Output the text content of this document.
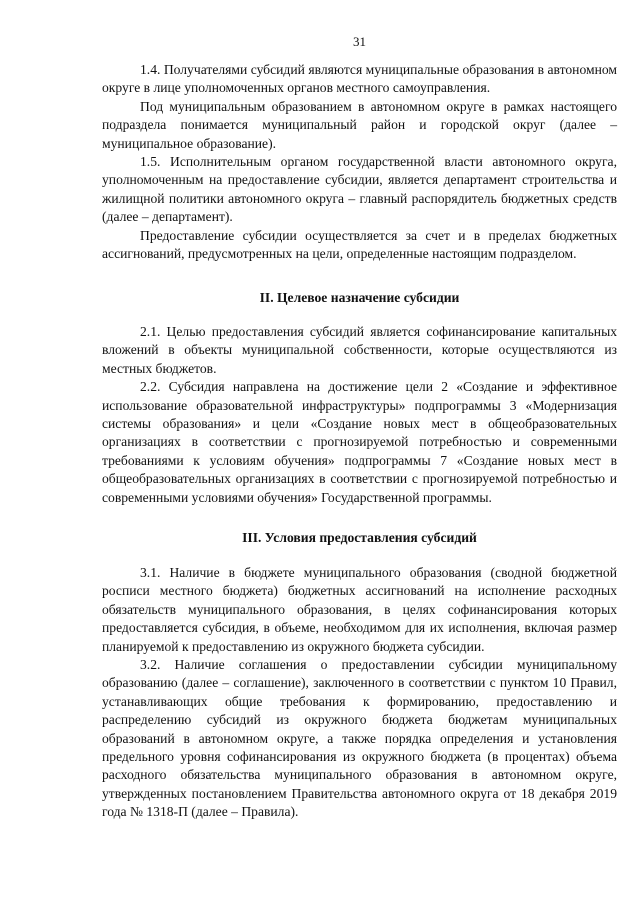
31

1.4. Получателями субсидий являются муниципальные образования в автономном округе в лице уполномоченных органов местного самоуправления.

Под муниципальным образованием в автономном округе в рамках настоящего подраздела понимается муниципальный район и городской округ (далее – муниципальное образование).

1.5. Исполнительным органом государственной власти автономного округа, уполномоченным на предоставление субсидии, является департамент строительства и жилищной политики автономного округа – главный распорядитель бюджетных средств (далее – департамент).

Предоставление субсидии осуществляется за счет и в пределах бюджетных ассигнований, предусмотренных на цели, определенные настоящим подразделом.

II. Целевое назначение субсидии

2.1. Целью предоставления субсидий является софинансирование капитальных вложений в объекты муниципальной собственности, которые осуществляются из местных бюджетов.

2.2. Субсидия направлена на достижение цели 2 «Создание и эффективное использование образовательной инфраструктуры» подпрограммы 3 «Модернизация системы образования» и цели «Создание новых мест в общеобразовательных организациях в соответствии с прогнозируемой потребностью и современными требованиями к условиям обучения» подпрограммы 7 «Создание новых мест в общеобразовательных организациях в соответствии с прогнозируемой потребностью и современными условиями обучения» Государственной программы.

III. Условия предоставления субсидий

3.1. Наличие в бюджете муниципального образования (сводной бюджетной росписи местного бюджета) бюджетных ассигнований на исполнение расходных обязательств муниципального образования, в целях софинансирования которых предоставляется субсидия, в объеме, необходимом для их исполнения, включая размер планируемой к предоставлению из окружного бюджета субсидии.

3.2. Наличие соглашения о предоставлении субсидии муниципальному образованию (далее – соглашение), заключенного в соответствии с пунктом 10 Правил, устанавливающих общие требования к формированию, предоставлению и распределению субсидий из окружного бюджета бюджетам муниципальных образований в автономном округе, а также порядка определения и установления предельного уровня софинансирования из окружного бюджета (в процентах) объема расходного обязательства муниципального образования в автономном округе, утвержденных постановлением Правительства автономного округа от 18 декабря 2019 года № 1318-П (далее – Правила).
